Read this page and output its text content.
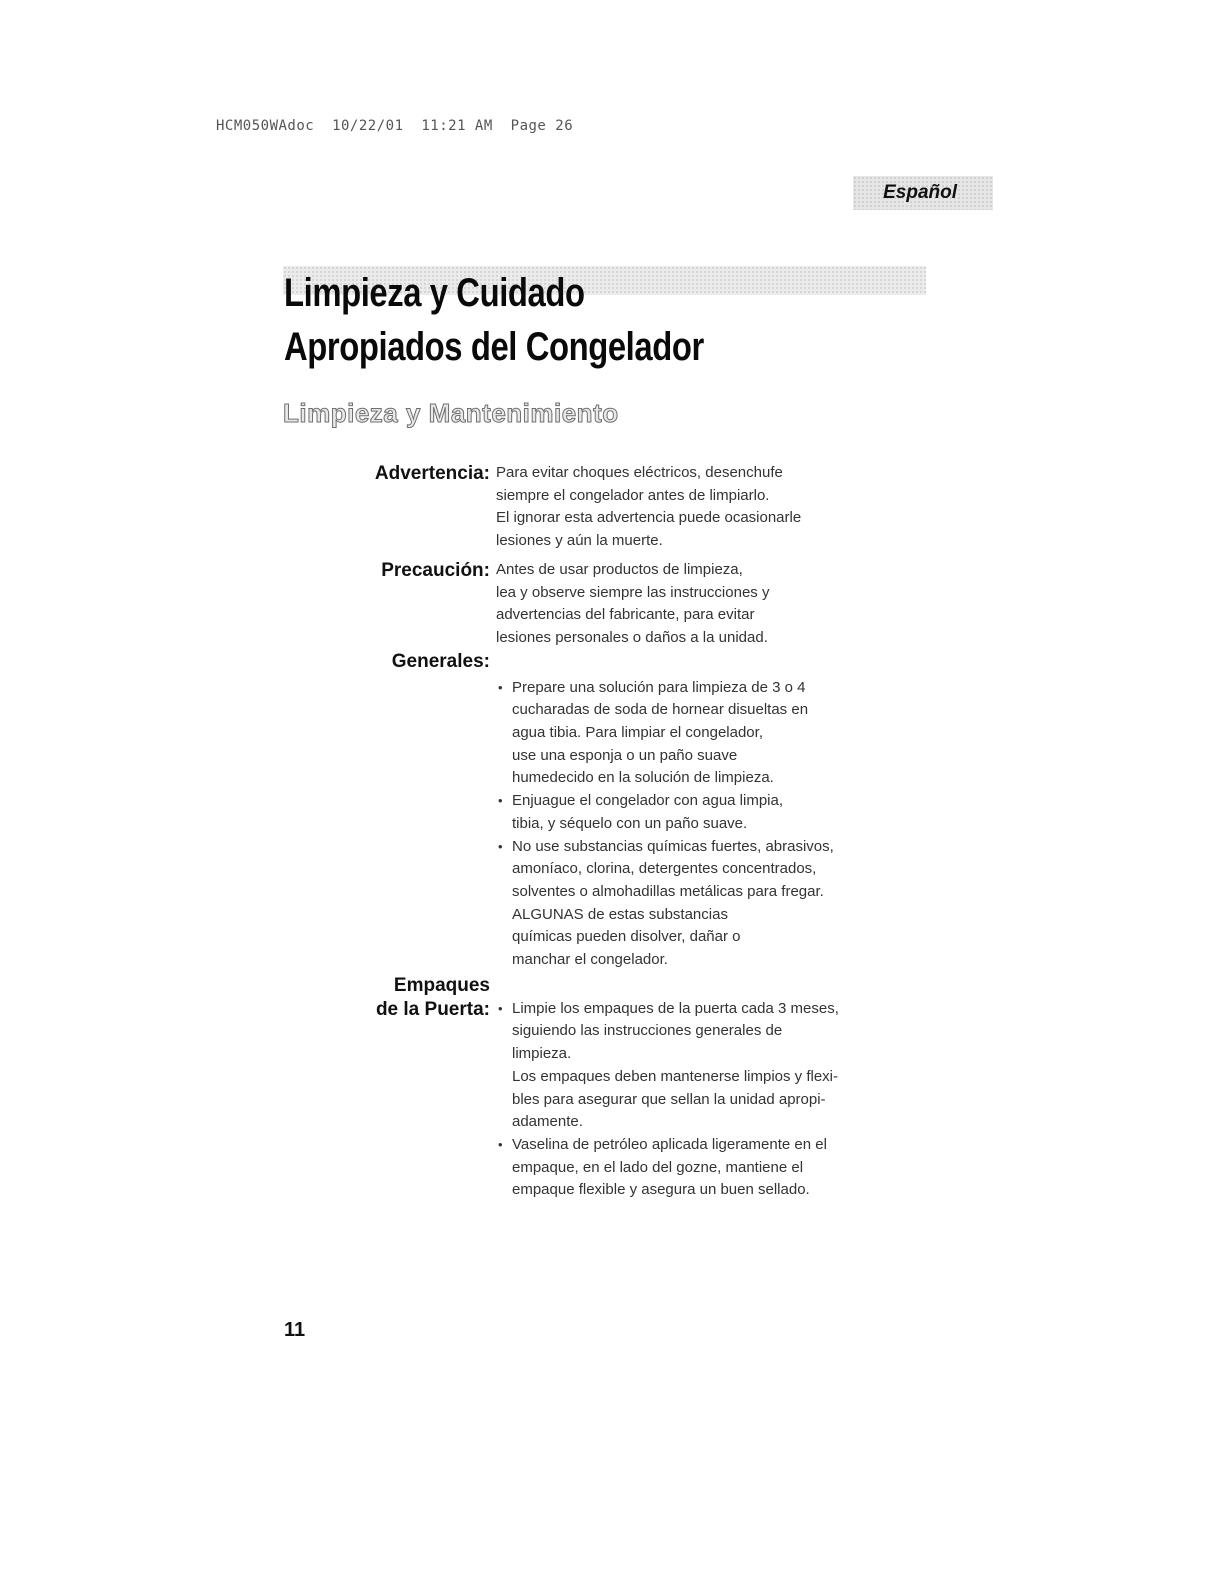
HCM050WAdoc  10/22/01  11:21 AM  Page 26
Español
Limpieza y Cuidado
Apropiados del Congelador
Limpieza y Mantenimiento
Advertencia: Para evitar choques eléctricos, desenchufe

siempre el congelador antes de limpiarlo.

El ignorar esta advertencia puede ocasionarle

lesiones y aún la muerte.

Precaución: Antes de usar productos de limpieza,

lea y observe siempre las instrucciones y

advertencias del fabricante, para evitar

lesiones personales o daños a la unidad.

Generales:

• Prepare una solución para limpieza de 3 o 4

cucharadas de soda de hornear disueltas en

agua tibia. Para limpiar el congelador,

use una esponja o un paño suave

humedecido en la solución de limpieza.

• Enjuague el congelador con agua limpia,

tibia, y séquelo con un paño suave.

• No use substancias químicas fuertes, abrasivos,

amoníaco, clorina, detergentes concentrados,

solventes o almohadillas metálicas para fregar.

ALGUNAS de estas substancias

químicas pueden disolver, dañar o

manchar el congelador.

Empaques
de la Puerta:

• Limpie los empaques de la puerta cada 3 meses,

siguiendo las instrucciones generales de

limpieza.

Los empaques deben mantenerse limpios y flexi-

bles para asegurar que sellan la unidad apropi-

adamente.

• Vaselina de petróleo aplicada ligeramente en el

empaque, en el lado del gozne, mantiene el

empaque flexible y asegura un buen sellado.

11
